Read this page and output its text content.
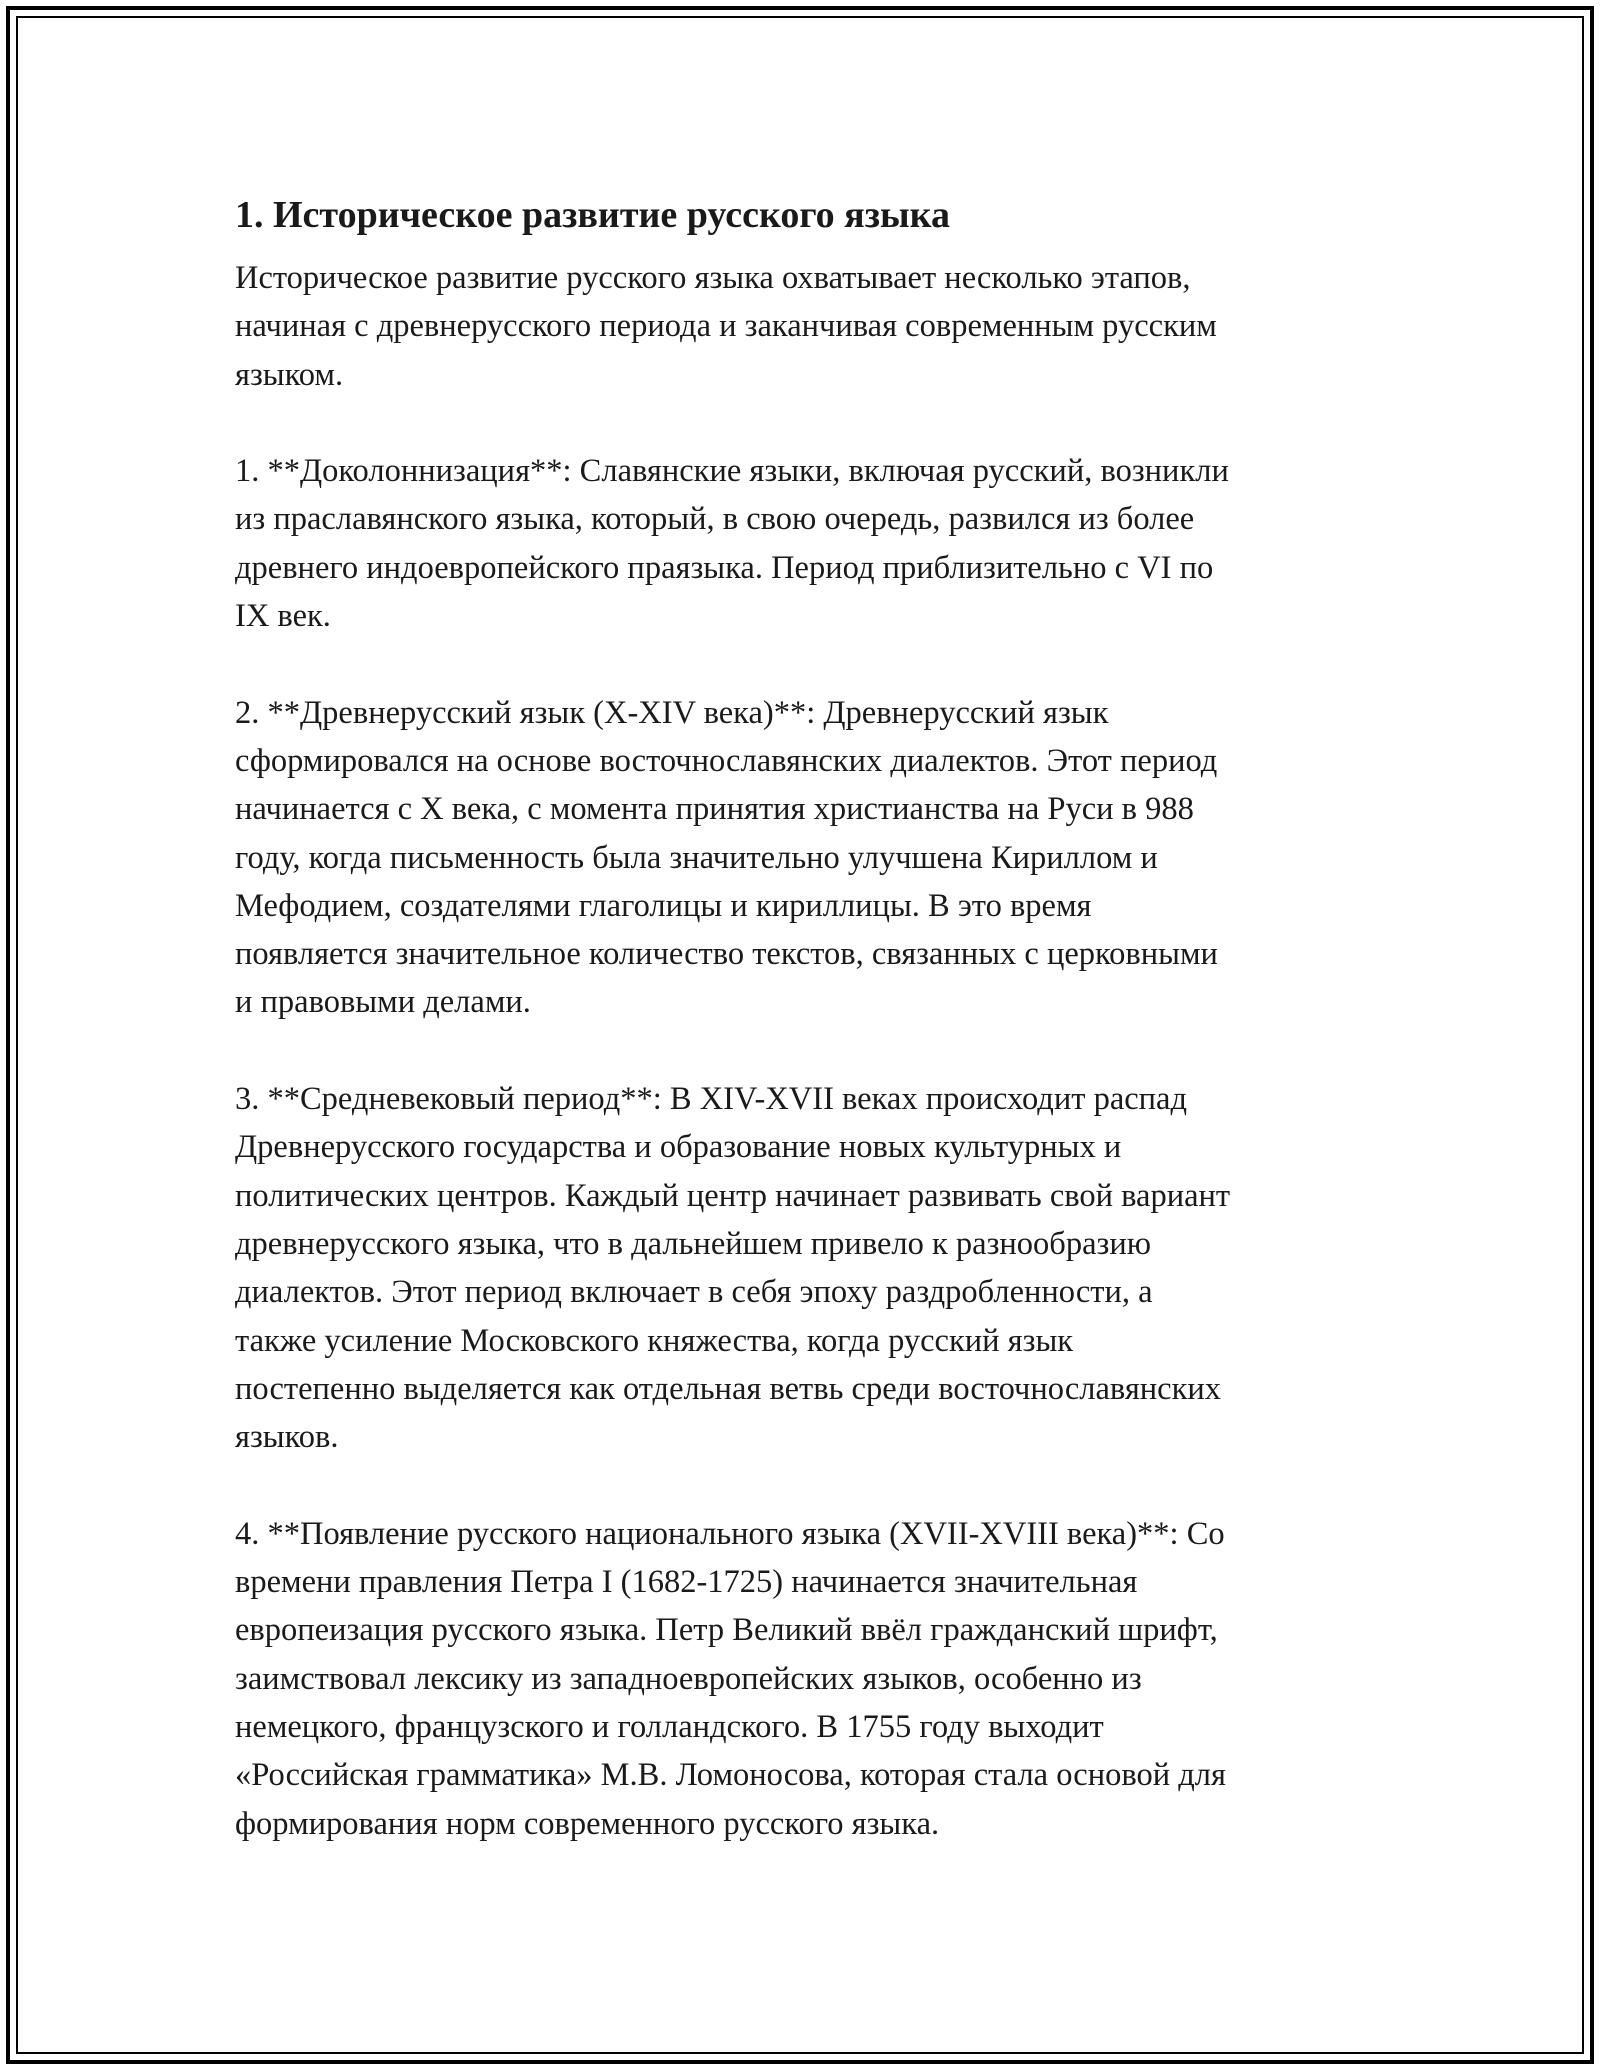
1. Историческое развитие русского языка

Историческое развитие русского языка охватывает несколько этапов,
начиная с древнерусского периода и заканчивая современным русским
языком.

1. **Доколоннизация**: Славянские языки, включая русский, возникли
из праславянского языка, который, в свою очередь, развился из более
древнего индоевропейского праязыка. Период приблизительно с VI по
IX век.

2. **Древнерусский язык (X-XIV века)**: Древнерусский язык
сформировался на основе восточнославянских диалектов. Этот период
начинается с X века, с момента принятия христианства на Руси в 988
году, когда письменность была значительно улучшена Кириллом и
Мефодием, создателями глаголицы и кириллицы. В это время
появляется значительное количество текстов, связанных с церковными
и правовыми делами.

3. **Средневековый период**: В XIV-XVII веках происходит распад
Древнерусского государства и образование новых культурных и
политических центров. Каждый центр начинает развивать свой вариант
древнерусского языка, что в дальнейшем привело к разнообразию
диалектов. Этот период включает в себя эпоху раздробленности, а
также усиление Московского княжества, когда русский язык
постепенно выделяется как отдельная ветвь среди восточнославянских
языков.

4. **Появление русского национального языка (XVII-XVIII века)**: Со
времени правления Петра I (1682-1725) начинается значительная
европеизация русского языка. Петр Великий ввёл гражданский шрифт,
заимствовал лексику из западноевропейских языков, особенно из
немецкого, французского и голландского. В 1755 году выходит
«Российская грамматика» М.В. Ломоносова, которая стала основой для
формирования норм современного русского языка.
